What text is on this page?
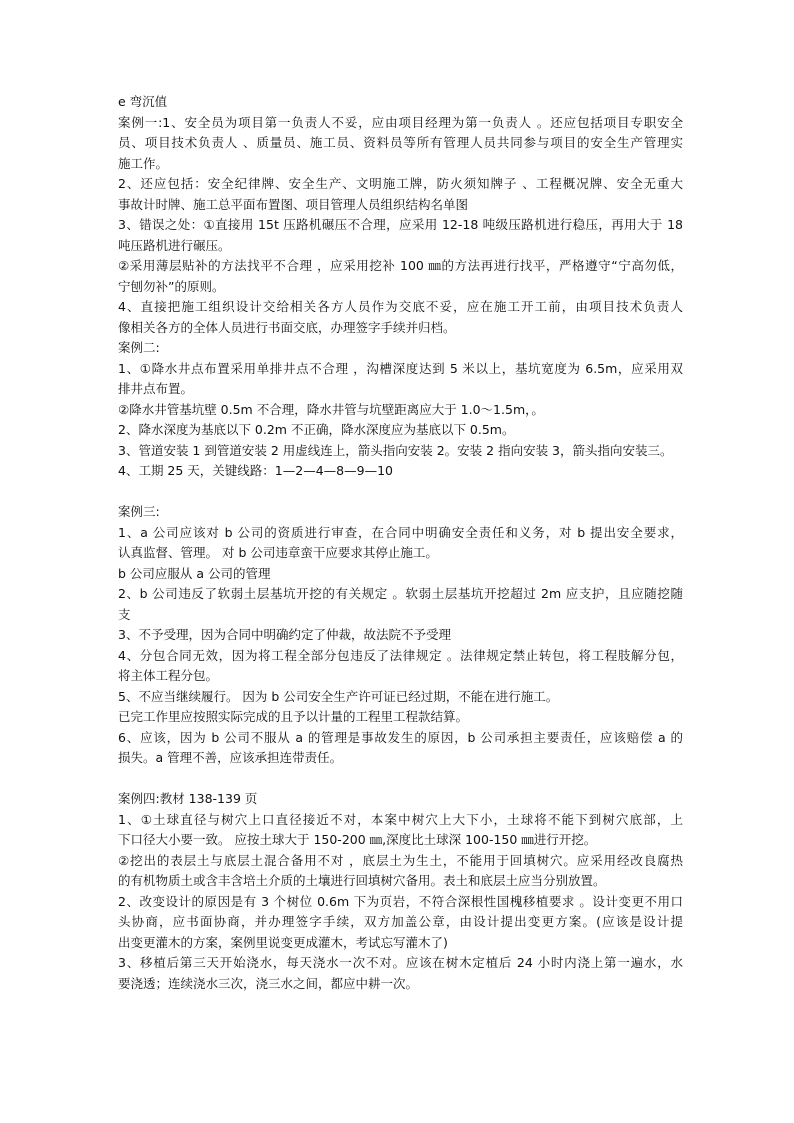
e 弯沉值
案例一:1、安全员为项目第一负责人不妥，应由项目经理为第一负责人 。还应包括项目专职安全
员、项目技术负责人 、质量员、施工员、资料员等所有管理人员共同参与项目的安全生产管理实
施工作。
2、还应包括：安全纪律牌、安全生产、文明施工牌，防火须知牌子 、工程概况牌、安全无重大
事故计时牌、施工总平面布置图、项目管理人员组织结构名单图
3、错误之处：①直接用 15t 压路机碾压不合理，应采用 12-18 吨级压路机进行稳压，再用大于 18
吨压路机进行碾压。
②采用薄层贴补的方法找平不合理 ，应采用挖补 100 ㎜的方法再进行找平，严格遵守“宁高勿低，
宁刨勿补”的原则。
4、直接把施工组织设计交给相关各方人员作为交底不妥，应在施工开工前，由项目技术负责人
像相关各方的全体人员进行书面交底，办理签字手续并归档。
案例二:
1、①降水井点布置采用单排井点不合理 ，沟槽深度达到 5 米以上，基坑宽度为 6.5m，应采用双
排井点布置。
②降水井管基坑壁 0.5m 不合理，降水井管与坑壁距离应大于 1.0～1.5m，。
2、降水深度为基底以下 0.2m 不正确，降水深度应为基底以下 0.5m。
3、管道安装 1 到管道安装 2 用虚线连上，箭头指向安装 2。安装 2 指向安装 3，箭头指向安装三。
4、工期 25 天，关键线路：1—2—4—8—9—10
案例三:
1、a 公司应该对 b 公司的资质进行审查，在合同中明确安全责任和义务，对 b 提出安全要求，
认真监督、管理。 对 b 公司违章蛮干应要求其停止施工。
b 公司应服从 a 公司的管理
2、b 公司违反了软弱土层基坑开挖的有关规定 。软弱土层基坑开挖超过 2m 应支护，且应随挖随
支
3、不予受理，因为合同中明确约定了仲裁，故法院不予受理
4、分包合同无效，因为将工程全部分包违反了法律规定 。法律规定禁止转包，将工程肢解分包，
将主体工程分包。
5、不应当继续履行。 因为 b 公司安全生产许可证已经过期，不能在进行施工。
已完工作里应按照实际完成的且予以计量的工程里工程款结算。
6、应该，因为 b 公司不服从 a 的管理是事故发生的原因，b 公司承担主要责任，应该赔偿 a 的
损失。a 管理不善，应该承担连带责任。
案例四:教材 138-139 页
1、①土球直径与树穴上口直径接近不对，本案中树穴上大下小，土球将不能下到树穴底部，上
下口径大小要一致。 应按土球大于 150-200 ㎜,深度比土球深 100-150 ㎜进行开挖。
②挖出的表层土与底层土混合备用不对 ，底层土为生土，不能用于回填树穴。应采用经改良腐热
的有机物质土或含丰含培土介质的土壤进行回填树穴备用。表土和底层土应当分别放置。
2、改变设计的原因是有 3 个树位 0.6m 下为页岩，不符合深根性国槐移植要求 。设计变更不用口
头协商，应书面协商，并办理签字手续，双方加盖公章，由设计提出变更方案。(应该是设计提
出变更灌木的方案，案例里说变更成灌木，考试忘写灌木了)
3、移植后第三天开始浇水，每天浇水一次不对。应该在树木定植后 24 小时内浇上第一遍水，水
要浇透；连续浇水三次，浇三水之间，都应中耕一次。
